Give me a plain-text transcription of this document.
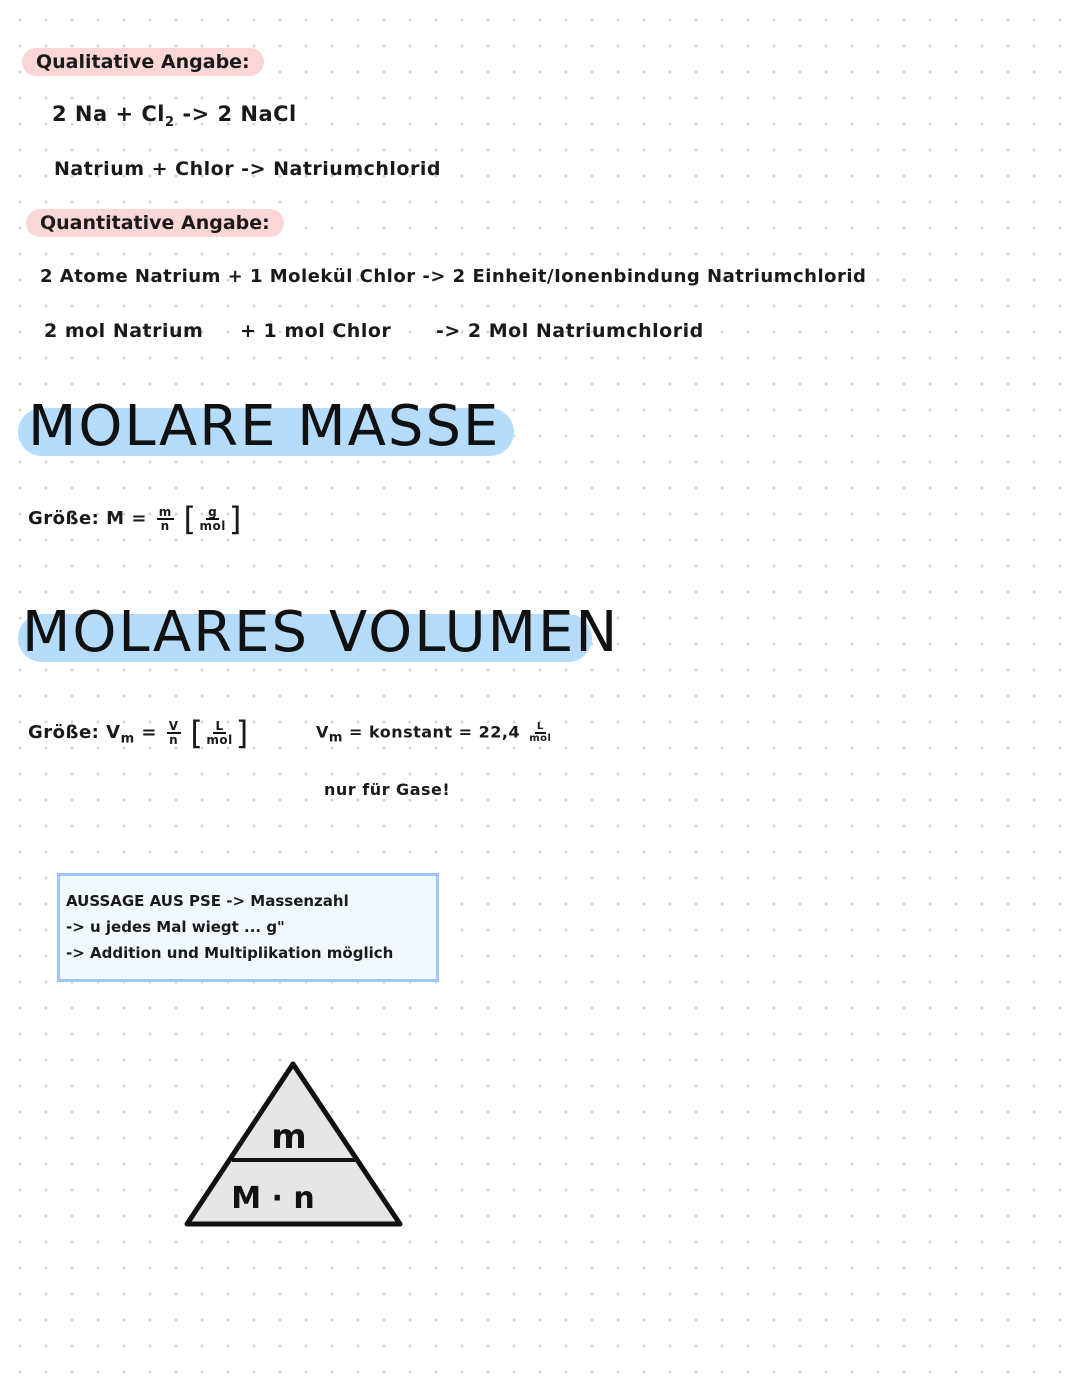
Qualitative Angabe:
2 $Na + Cl_2 -> 2$ NaCl
Natrium + Chlor -> Natriumchlorid
Quantitative Angabe:
2 Atome Natrium + 1 Molekül Chlor -> 2 Einheit/Ionenbindung Natriumchlorid
2 mol Natrium + 1 mol Chlor -> 2 Mol Natriumchlorid
MOLARE MASSE
Größe: $M = \frac{m}{n}$ [ $\frac{g}{\text{mol}}$ ]
MOLARES VOLUMEN
Größe: $V_m = \frac{V}{n}$ [ $\frac{L}{\text{mol}}$ ]	$V_m$ = konstant = $22,4 \frac{L}{\text{mol}}$
nur für Gase!
AUSSAGE AUS PSE -> Massenzahl
-> u jedes Mal wiegt ... g"
-> Addition und Multiplikation möglich
m
M · n
